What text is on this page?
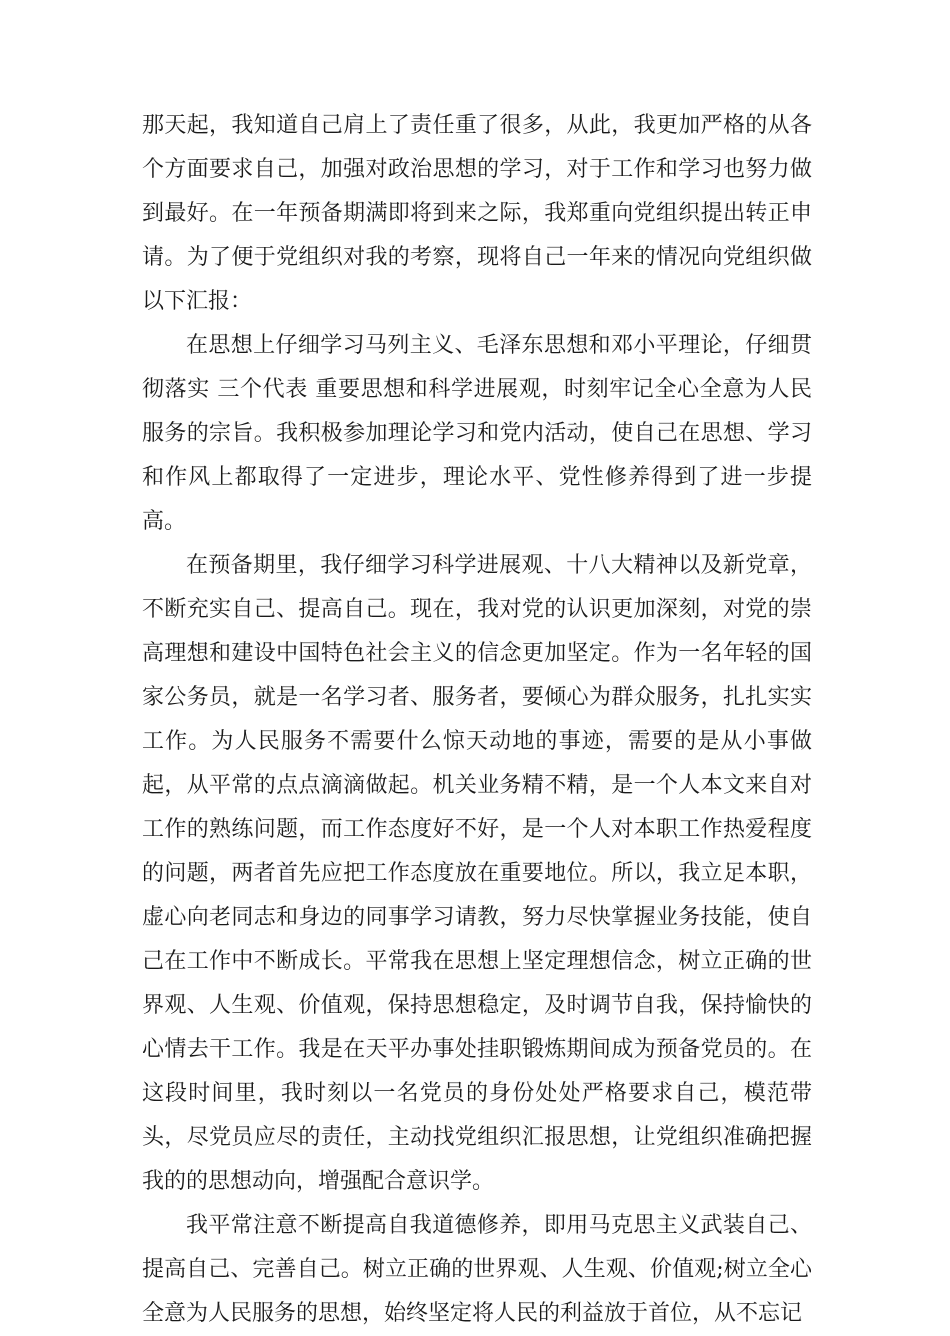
那天起，我知道自己肩上了责任重了很多，从此，我更加严格的从各个方面要求自己，加强对政治思想的学习，对于工作和学习也努力做到最好。在一年预备期满即将到来之际，我郑重向党组织提出转正申请。为了便于党组织对我的考察，现将自己一年来的情况向党组织做以下汇报：

在思想上仔细学习马列主义、毛泽东思想和邓小平理论，仔细贯彻落实 三个代表 重要思想和科学进展观，时刻牢记全心全意为人民服务的宗旨。我积极参加理论学习和党内活动，使自己在思想、学习和作风上都取得了一定进步，理论水平、党性修养得到了进一步提高。

在预备期里，我仔细学习科学进展观、十八大精神以及新党章，不断充实自己、提高自己。现在，我对党的认识更加深刻，对党的崇高理想和建设中国特色社会主义的信念更加坚定。作为一名年轻的国家公务员，就是一名学习者、服务者，要倾心为群众服务，扎扎实实工作。为人民服务不需要什么惊天动地的事迹，需要的是从小事做起，从平常的点点滴滴做起。机关业务精不精，是一个人本文来自对工作的熟练问题，而工作态度好不好，是一个人对本职工作热爱程度的问题，两者首先应把工作态度放在重要地位。所以，我立足本职，虚心向老同志和身边的同事学习请教，努力尽快掌握业务技能，使自己在工作中不断成长。平常我在思想上坚定理想信念，树立正确的世界观、人生观、价值观，保持思想稳定，及时调节自我，保持愉快的心情去干工作。我是在天平办事处挂职锻炼期间成为预备党员的。在这段时间里，我时刻以一名党员的身份处处严格要求自己，模范带头，尽党员应尽的责任，主动找党组织汇报思想，让党组织准确把握我的的思想动向，增强配合意识学。

我平常注意不断提高自我道德修养，即用马克思主义武装自己、提高自己、完善自己。树立正确的世界观、人生观、价值观;树立全心全意为人民服务的思想，始终坚定将人民的利益放于首位，从不忘记
